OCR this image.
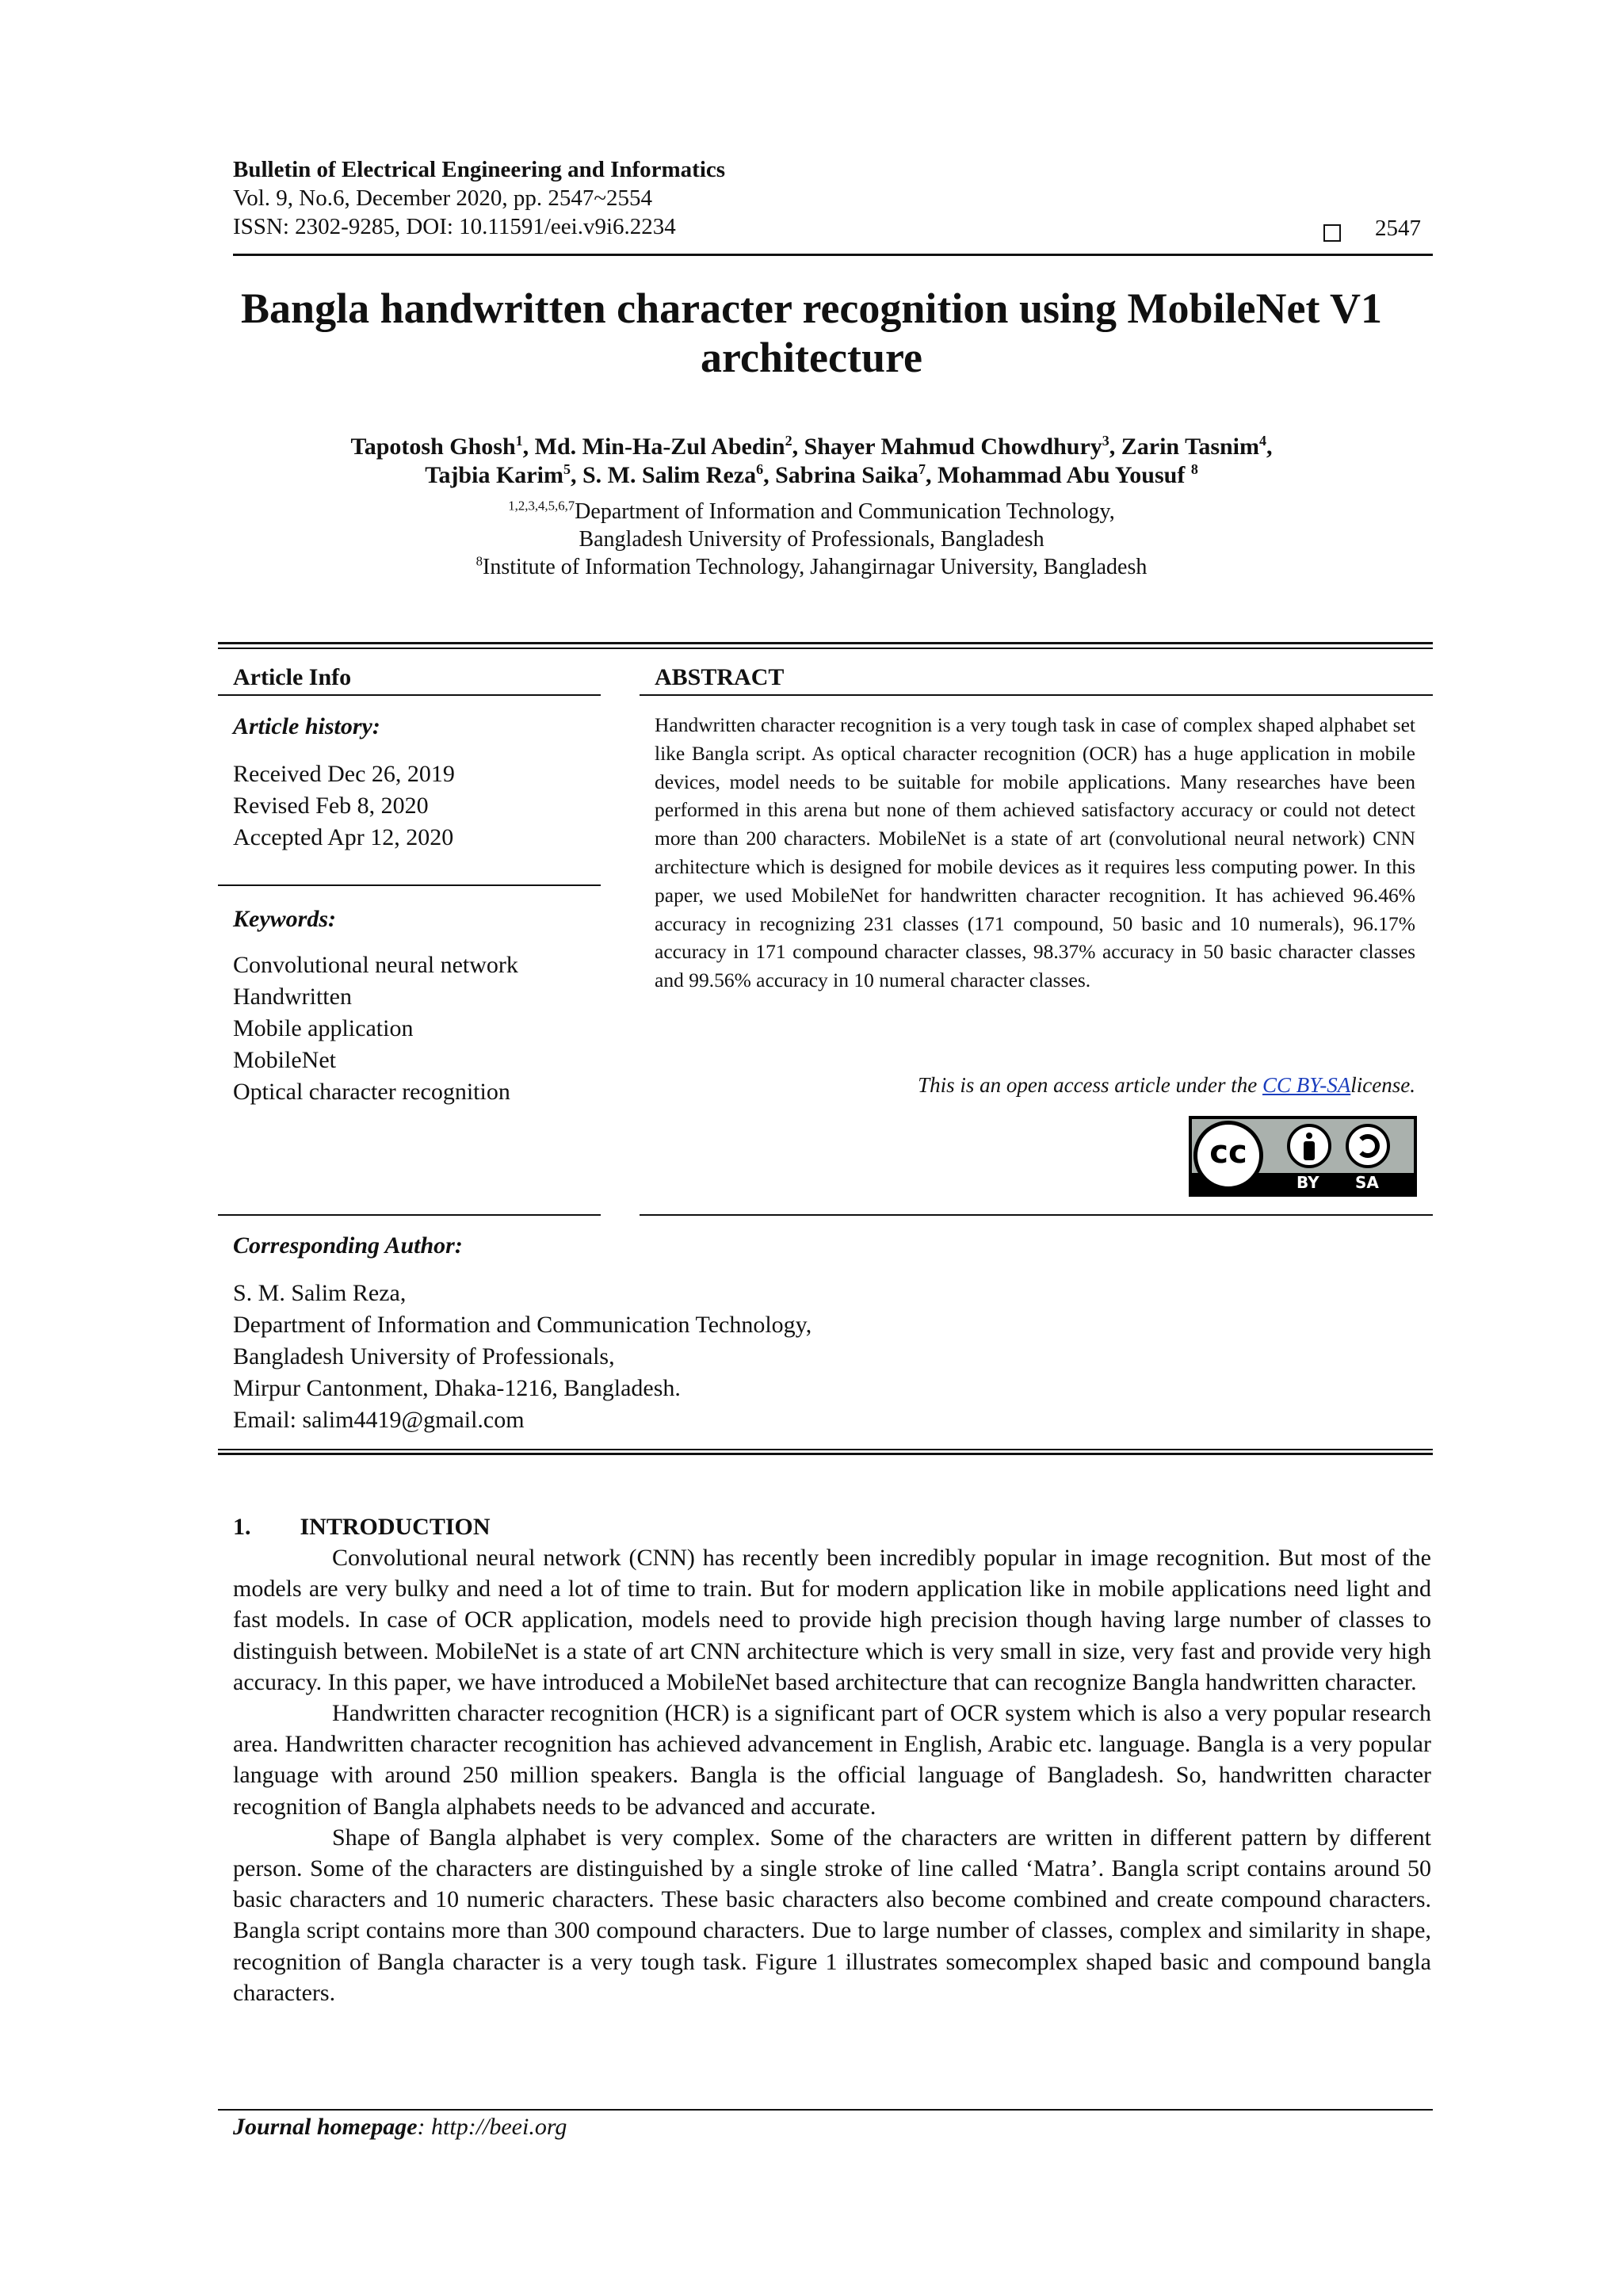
Bulletin of Electrical Engineering and Informatics
Vol. 9, No.6, December 2020, pp. 2547~2554
ISSN: 2302-9285, DOI: 10.11591/eei.v9i6.2234	2547
Bangla handwritten character recognition using MobileNet V1
architecture
Tapotosh Ghosh$^1$, Md. Min-Ha-Zul Abedin$^2$, Shayer Mahmud Chowdhury$^3$, Zarin Tasnim$^4$,
Tajbia Karim$^5$, S. M. Salim Reza$^6$, Sabrina Saika$^7$, Mohammad Abu Yousuf $^8$
$^{1,2,3,4,5,6,7}$Department of Information and Communication Technology,
Bangladesh University of Professionals, Bangladesh
$^8$Institute of Information Technology, Jahangirnagar University, Bangladesh
Article Info
Article history:
Received Dec 26, 2019
Revised Feb 8, 2020
Accepted Apr 12, 2020
Keywords:
Convolutional neural network
Handwritten
Mobile application
MobileNet
Optical character recognition
ABSTRACT
Handwritten character recognition is a very tough task in case of complex shaped alphabet set like Bangla script. As optical character recognition (OCR) has a huge application in mobile devices, model needs to be suitable for mobile applications. Many researches have been performed in this arena but none of them achieved satisfactory accuracy or could not detect more than 200 characters. MobileNet is a state of art (convolutional neural network) CNN architecture which is designed for mobile devices as it requires less computing power. In this paper, we used MobileNet for handwritten character recognition. It has achieved 96.46% accuracy in recognizing 231 classes (171 compound, 50 basic and 10 numerals), 96.17% accuracy in 171 compound character classes, 98.37% accuracy in 50 basic character classes and 99.56% accuracy in 10 numeral character classes.
This is an open access article under the CC BY-SAlicense.
cc
BY SA
Corresponding Author:
S. M. Salim Reza,
Department of Information and Communication Technology,
Bangladesh University of Professionals,
Mirpur Cantonment, Dhaka-1216, Bangladesh.
Email: salim4419@gmail.com
1. INTRODUCTION

Convolutional neural network (CNN) has recently been incredibly popular in image recognition. But most of the models are very bulky and need a lot of time to train. But for modern application like in mobile applications need light and fast models. In case of OCR application, models need to provide high precision though having large number of classes to distinguish between. MobileNet is a state of art CNN architecture which is very small in size, very fast and provide very high accuracy. In this paper, we have introduced a MobileNet based architecture that can recognize Bangla handwritten character.

Handwritten character recognition (HCR) is a significant part of OCR system which is also a very popular research area. Handwritten character recognition has achieved advancement in English, Arabic etc. language. Bangla is a very popular language with around 250 million speakers. Bangla is the official language of Bangladesh. So, handwritten character recognition of Bangla alphabets needs to be advanced and accurate.

Shape of Bangla alphabet is very complex. Some of the characters are written in different pattern by different person. Some of the characters are distinguished by a single stroke of line called ‘Matra’. Bangla script contains around 50 basic characters and 10 numeric characters. These basic characters also become combined and create compound characters. Bangla script contains more than 300 compound characters. Due to large number of classes, complex and similarity in shape, recognition of Bangla character is a very tough task. Figure 1 illustrates somecomplex shaped basic and compound bangla characters.

Journal homepage: http://beei.org
